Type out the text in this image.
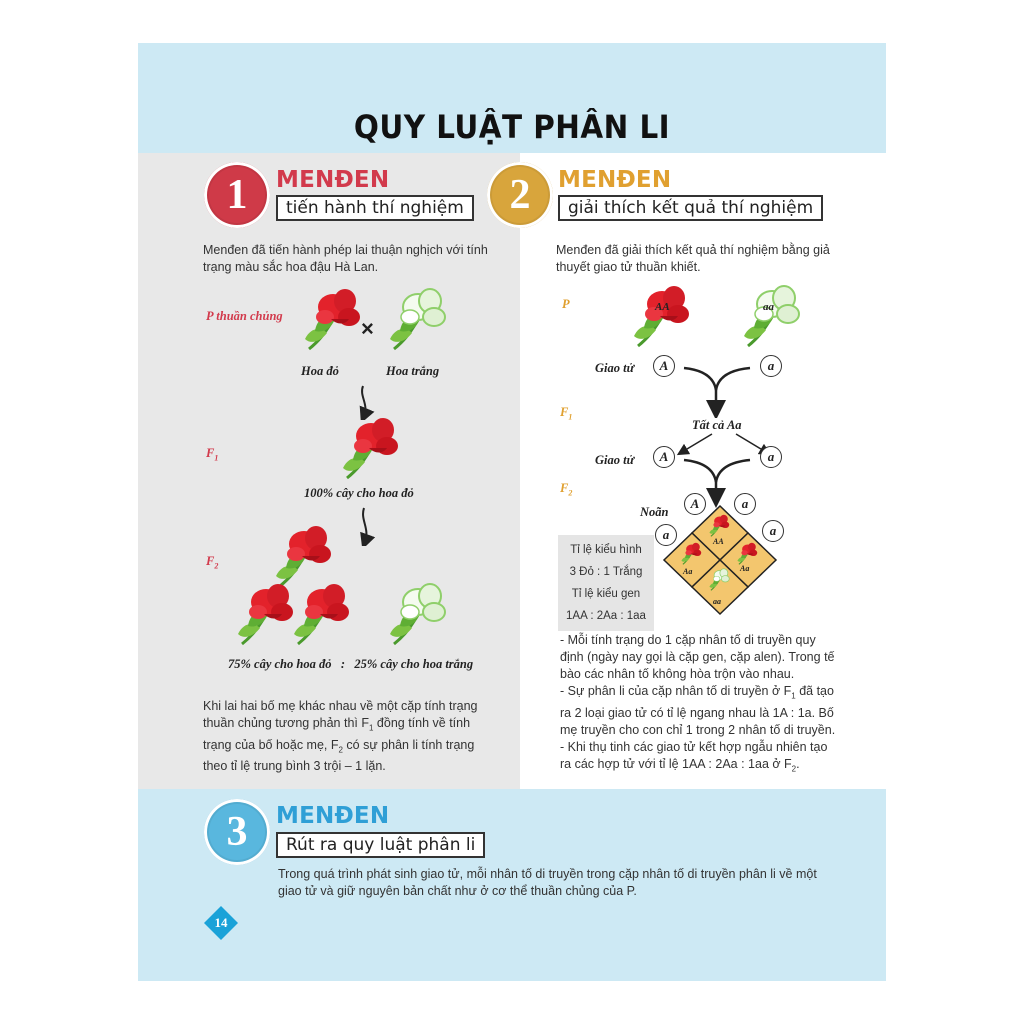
QUY LUẬT PHÂN LI
1 MENĐEN
tiến hành thí nghiệm
Menđen đã tiến hành phép lai thuận nghịch với tính trạng màu sắc hoa đậu Hà Lan.
P thuần chủng	×
Hoa đỏ	Hoa trắng
$F_1$
100% cây cho hoa đỏ
$F_2$
75% cây cho hoa đỏ   :   25% cây cho hoa trắng
Khi lai hai bố mẹ khác nhau về một cặp tính trạng thuần chủng tương phản thì $F_1$ đồng tính về tính trạng của bố hoặc mẹ, $F_2$ có sự phân li tính trạng theo tỉ lệ trung bình 3 trội – 1 lặn.
2 MENĐEN
giải thích kết quả thí nghiệm
Menđen đã giải thích kết quả thí nghiệm bằng giả thuyết giao tử thuần khiết.
P	AA	aa
Giao tử	A	a
$F_1$
Tất cả Aa
Giao tử	A	a
$F_2$
Noãn
A	a
a	a
AA
Aa	Aa
aa
Tỉ lệ kiểu hình
3 Đỏ : 1 Trắng
Tỉ lệ kiểu gen
1AA : 2Aa : 1aa
- Mỗi tính trạng do 1 cặp nhân tố di truyền quy định (ngày nay gọi là cặp gen, cặp alen). Trong tế bào các nhân tố không hòa trộn vào nhau.
- Sự phân li của cặp nhân tố di truyền ở $F_1$ đã tạo ra 2 loại giao tử có tỉ lệ ngang nhau là 1A : 1a. Bố mẹ truyền cho con chỉ 1 trong 2 nhân tố di truyền.
- Khi thụ tinh các giao tử kết hợp ngẫu nhiên tạo ra các hợp tử với tỉ lệ 1AA : 2Aa : 1aa ở $F_2$.
3 MENĐEN
Rút ra quy luật phân li
Trong quá trình phát sinh giao tử, mỗi nhân tố di truyền trong cặp nhân tố di truyền phân li về một giao tử và giữ nguyên bản chất như ở cơ thể thuần chủng của P.
14
